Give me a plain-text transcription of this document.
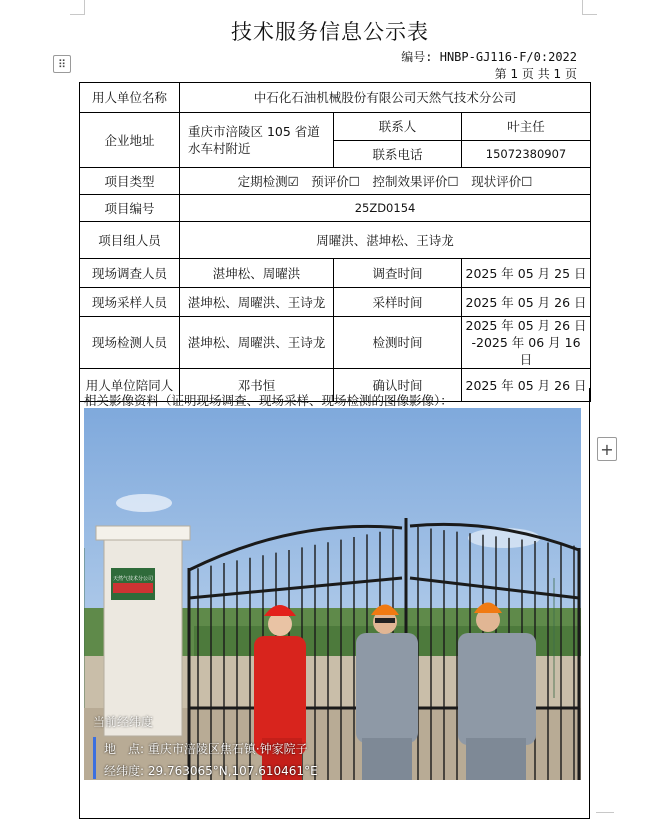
⠿
+
技术服务信息公示表
编号: HNBP-GJ116-F/0:2022
第 1 页 共 1 页
用人单位名称	中石化石油机械股份有限公司天然气技术分公司		
企业地址	重庆市涪陵区 105 省道水车村附近	联系人	叶主任
		联系电话	15072380907
项目类型	定期检测☑　预评价☐　控制效果评价☐　现状评价☐		
项目编号	25ZD0154		
项目组人员	周曜洪、湛坤松、王诗龙		
现场调查人员	湛坤松、周曜洪	调查时间	2025 年 05 月 25 日
现场采样人员	湛坤松、周曜洪、王诗龙	采样时间	2025 年 05 月 26 日
现场检测人员	湛坤松、周曜洪、王诗龙	检测时间	2025 年 05 月 26 日
-2025 年 06 月 16 日

用人单位陪同人	邓书恒	确认时间	2025 年 05 月 26 日
相关影像资料（证明现场调查、现场采样、现场检测的图像影像）：
天然气技术分公司
当前经纬度
地　点: 重庆市涪陵区焦石镇·钟家院子
经纬度: 29.763065°N,107.610461°E
